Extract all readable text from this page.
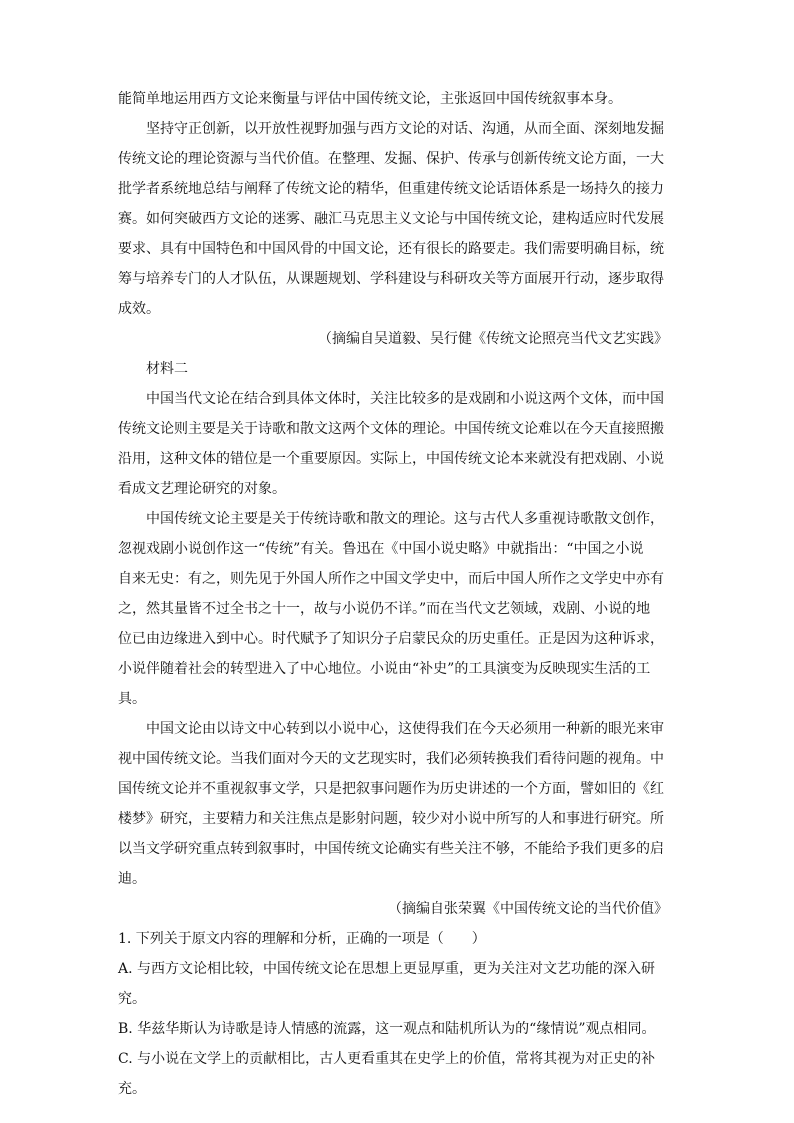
能简单地运用西方文论来衡量与评估中国传统文论，主张返回中国传统叙事本身。
坚持守正创新，以开放性视野加强与西方文论的对话、沟通，从而全面、深刻地发掘
传统文论的理论资源与当代价值。在整理、发掘、保护、传承与创新传统文论方面，一大
批学者系统地总结与阐释了传统文论的精华，但重建传统文论话语体系是一场持久的接力
赛。如何突破西方文论的迷雾、融汇马克思主义文论与中国传统文论，建构适应时代发展
要求、具有中国特色和中国风骨的中国文论，还有很长的路要走。我们需要明确目标，统
筹与培养专门的人才队伍，从课题规划、学科建设与科研攻关等方面展开行动，逐步取得
成效。
（摘编自吴道毅、吴行健《传统文论照亮当代文艺实践》
材料二
中国当代文论在结合到具体文体时，关注比较多的是戏剧和小说这两个文体，而中国
传统文论则主要是关于诗歌和散文这两个文体的理论。中国传统文论难以在今天直接照搬
沿用，这种文体的错位是一个重要原因。实际上，中国传统文论本来就没有把戏剧、小说
看成文艺理论研究的对象。
中国传统文论主要是关于传统诗歌和散文的理论。这与古代人多重视诗歌散文创作，
忽视戏剧小说创作这一“传统”有关。鲁迅在《中国小说史略》中就指出：“中国之小说
自来无史：有之，则先见于外国人所作之中国文学史中，而后中国人所作之文学史中亦有
之，然其量皆不过全书之十一，故与小说仍不详。”而在当代文艺领域，戏剧、小说的地
位已由边缘进入到中心。时代赋予了知识分子启蒙民众的历史重任。正是因为这种诉求，
小说伴随着社会的转型进入了中心地位。小说由“补史”的工具演变为反映现实生活的工
具。
中国文论由以诗文中心转到以小说中心，这使得我们在今天必须用一种新的眼光来审
视中国传统文论。当我们面对今天的文艺现实时，我们必须转换我们看待问题的视角。中
国传统文论并不重视叙事文学，只是把叙事问题作为历史讲述的一个方面，譬如旧的《红
楼梦》研究，主要精力和关注焦点是影射问题，较少对小说中所写的人和事进行研究。所
以当文学研究重点转到叙事时，中国传统文论确实有些关注不够，不能给予我们更多的启
迪。
（摘编自张荣翼《中国传统文论的当代价值》
1. 下列关于原文内容的理解和分析，正确的一项是（　　）
A. 与西方文论相比较，中国传统文论在思想上更显厚重，更为关注对文艺功能的深入研
究。
B. 华兹华斯认为诗歌是诗人情感的流露，这一观点和陆机所认为的“缘情说”观点相同。
C. 与小说在文学上的贡献相比，古人更看重其在史学上的价值，常将其视为对正史的补
充。
